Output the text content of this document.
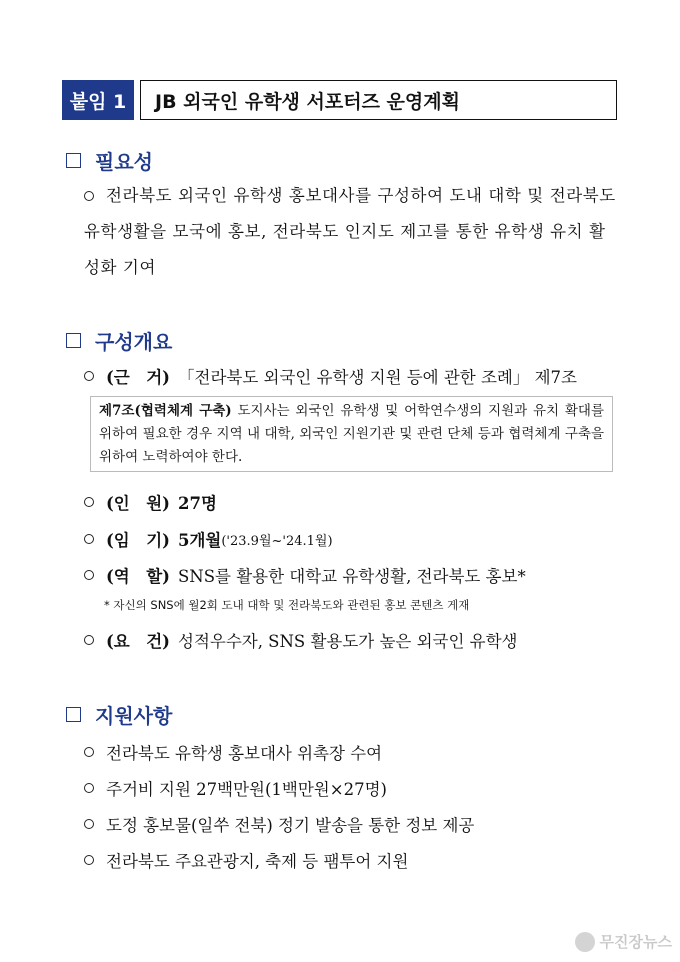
붙임 1	JB 외국인 유학생 서포터즈 운영계획
필요성
전라북도 외국인 유학생 홍보대사를 구성하여 도내 대학 및 전라북도 유학생활을 모국에 홍보, 전라북도 인지도 제고를 통한 유학생 유치 활성화 기여
구성개요
(근　거) 「전라북도 외국인 유학생 지원 등에 관한 조례」 제7조
제7조(협력체계 구축) 도지사는 외국인 유학생 및 어학연수생의 지원과 유치 확대를 위하여 필요한 경우 지역 내 대학, 외국인 지원기관 및 관련 단체 등과 협력체계 구축을 위하여 노력하여야 한다.
(인　원) 27명
(임　기) 5개월 ('23.9월~'24.1월)
(역　할) SNS를 활용한 대학교 유학생활, 전라북도 홍보*
* 자신의 SNS에 월2회 도내 대학 및 전라북도와 관련된 홍보 콘텐츠 게재
(요　건) 성적우수자, SNS 활용도가 높은 외국인 유학생
지원사항
전라북도 유학생 홍보대사 위촉장 수여
주거비 지원 27백만원(1백만원×27명)
도정 홍보물(일쑤 전북) 정기 발송을 통한 정보 제공
전라북도 주요관광지, 축제 등 팸투어 지원
무진장뉴스
